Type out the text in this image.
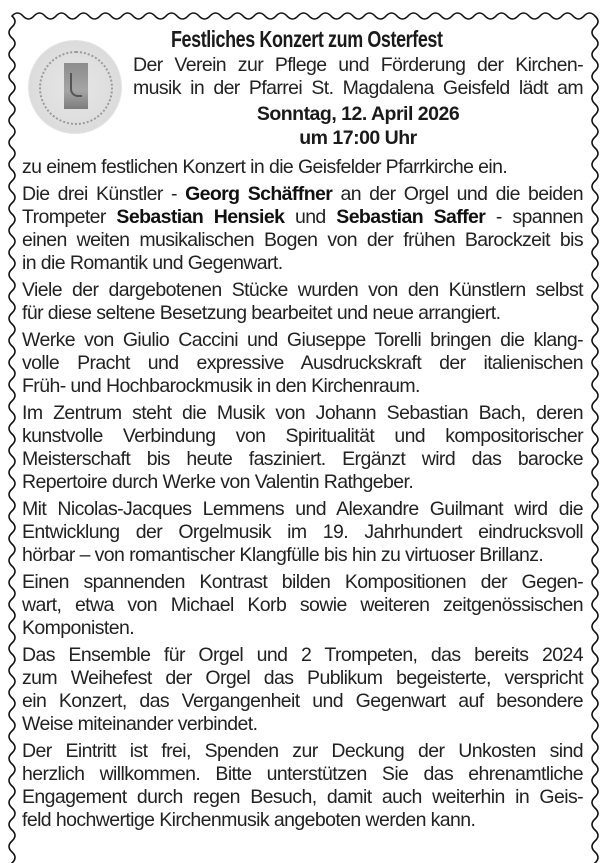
Festliches Konzert zum Osterfest
Der Verein zur Pflege und Förderung der Kirchen-
musik in der Pfarrei St. Magdalena Geisfeld lädt am
Sonntag, 12. April 2026
um 17:00 Uhr
zu einem festlichen Konzert in die Geisfelder Pfarrkirche ein.
Die drei Künstler - Georg Schäffner an der Orgel und die beiden
Trompeter Sebastian Hensiek und Sebastian Saffer - spannen
einen weiten musikalischen Bogen von der frühen Barockzeit bis
in die Romantik und Gegenwart.
Viele der dargebotenen Stücke wurden von den Künstlern selbst
für diese seltene Besetzung bearbeitet und neue arrangiert.
Werke von Giulio Caccini und Giuseppe Torelli bringen die klang-
volle Pracht und expressive Ausdruckskraft der italienischen
Früh- und Hochbarockmusik in den Kirchenraum.
Im Zentrum steht die Musik von Johann Sebastian Bach, deren
kunstvolle Verbindung von Spiritualität und kompositorischer
Meisterschaft bis heute fasziniert. Ergänzt wird das barocke
Repertoire durch Werke von Valentin Rathgeber.
Mit Nicolas-Jacques Lemmens und Alexandre Guilmant wird die
Entwicklung der Orgelmusik im 19. Jahrhundert eindrucksvoll
hörbar – von romantischer Klangfülle bis hin zu virtuoser Brillanz.
Einen spannenden Kontrast bilden Kompositionen der Gegen-
wart, etwa von Michael Korb sowie weiteren zeitgenössischen
Komponisten.
Das Ensemble für Orgel und 2 Trompeten, das bereits 2024
zum Weihefest der Orgel das Publikum begeisterte, verspricht
ein Konzert, das Vergangenheit und Gegenwart auf besondere
Weise miteinander verbindet.
Der Eintritt ist frei, Spenden zur Deckung der Unkosten sind
herzlich willkommen. Bitte unterstützen Sie das ehrenamtliche
Engagement durch regen Besuch, damit auch weiterhin in Geis-
feld hochwertige Kirchenmusik angeboten werden kann.
